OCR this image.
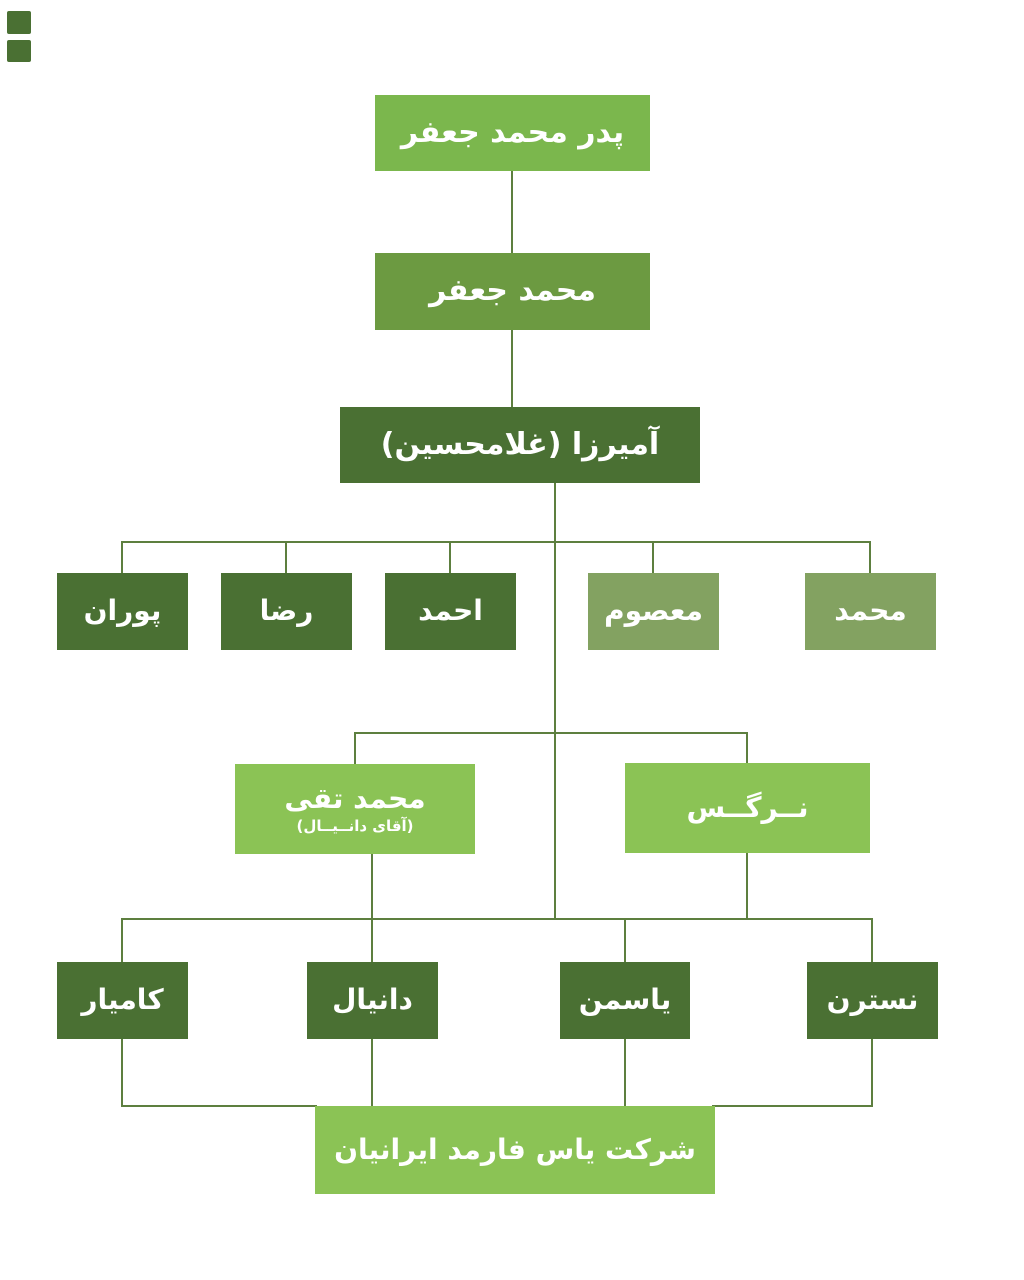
پدر محمد جعفر
محمد جعفر
آمیرزا (غلامحسین)
پوران	رضا	احمد	معصوم	محمد
محمد تقی
(آقای دانــیــال)
نــرگــس
کامیار	دانیال	یاسمن	نسترن
شرکت یاس فارمد ایرانیان
